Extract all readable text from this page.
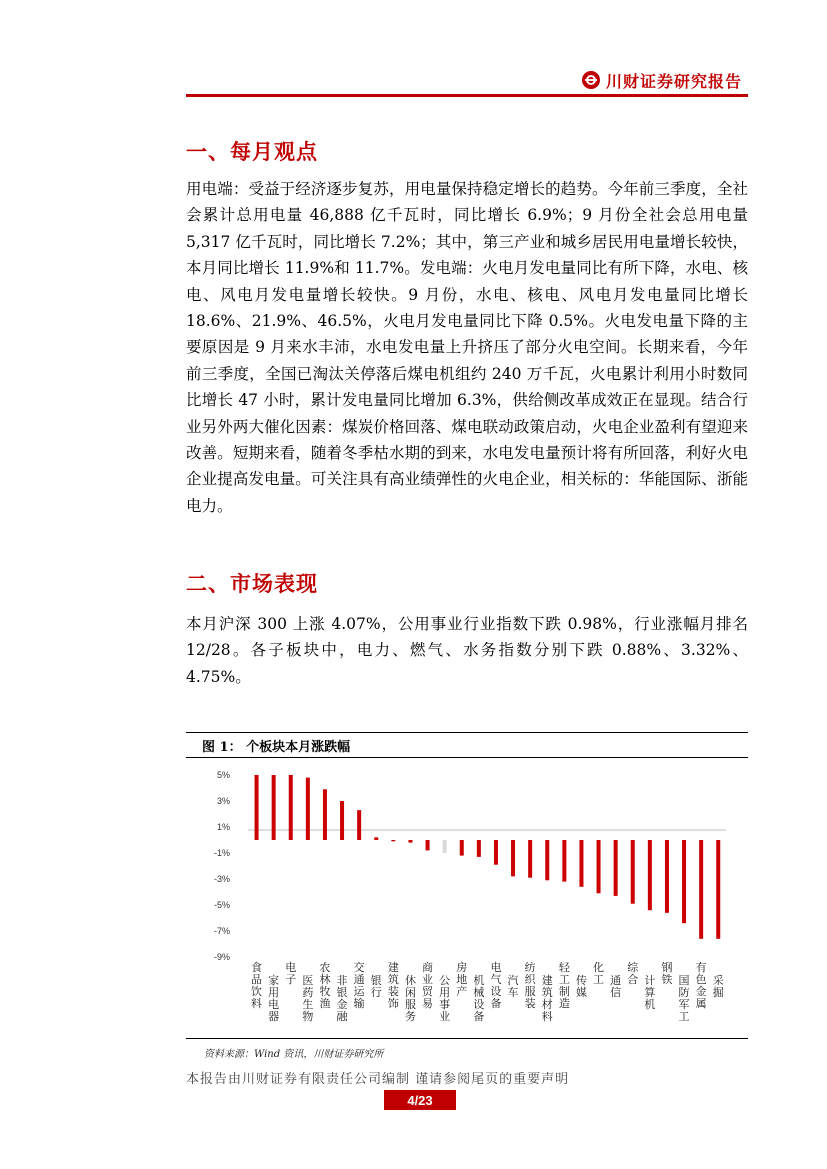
川财证券研究报告
一、每月观点

用电端：受益于经济逐步复苏，用电量保持稳定增长的趋势。今年前三季度，全社会累计总用电量 46,888 亿千瓦时，同比增长 6.9%；9 月份全社会总用电量 5,317 亿千瓦时，同比增长 7.2%；其中，第三产业和城乡居民用电量增长较快，本月同比增长 11.9%和 11.7%。发电端：火电月发电量同比有所下降，水电、核电、风电月发电量增长较快。9 月份，水电、核电、风电月发电量同比增长 18.6%、21.9%、46.5%，火电月发电量同比下降 0.5%。火电发电量下降的主要原因是 9 月来水丰沛，水电发电量上升挤压了部分火电空间。长期来看，今年前三季度，全国已淘汰关停落后煤电机组约 240 万千瓦，火电累计利用小时数同比增长 47 小时，累计发电量同比增加 6.3%，供给侧改革成效正在显现。结合行业另外两大催化因素：煤炭价格回落、煤电联动政策启动，火电企业盈利有望迎来改善。短期来看，随着冬季枯水期的到来，水电发电量预计将有所回落，利好火电企业提高发电量。可关注具有高业绩弹性的火电企业，相关标的：华能国际、浙能电力。

二、市场表现

本月沪深 300 上涨 4.07%，公用事业行业指数下跌 0.98%，行业涨幅月排名 12/28。各子板块中，电力、燃气、水务指数分别下跌 0.88%、3.32%、4.75%。

图 1： 个板块本月涨跌幅
5%
3%
1%
-1%
-3%
-5%
-7%
-9%
食品饮料
家用电器
电子 医药生物
农林牧渔
非银金融
交通运输
银行
建筑装饰
休闲服务
商业贸易
公用事业
房地产
机械设备
电气设备
汽车
纺织服装
建筑材料
轻工制造
传媒
化工 通信
综合 计算机
钢铁 国防军工
有色金属
采掘
资料来源：Wind 资讯，川财证券研究所
本报告由川财证券有限责任公司编制 谨请参阅尾页的重要声明
4/23
